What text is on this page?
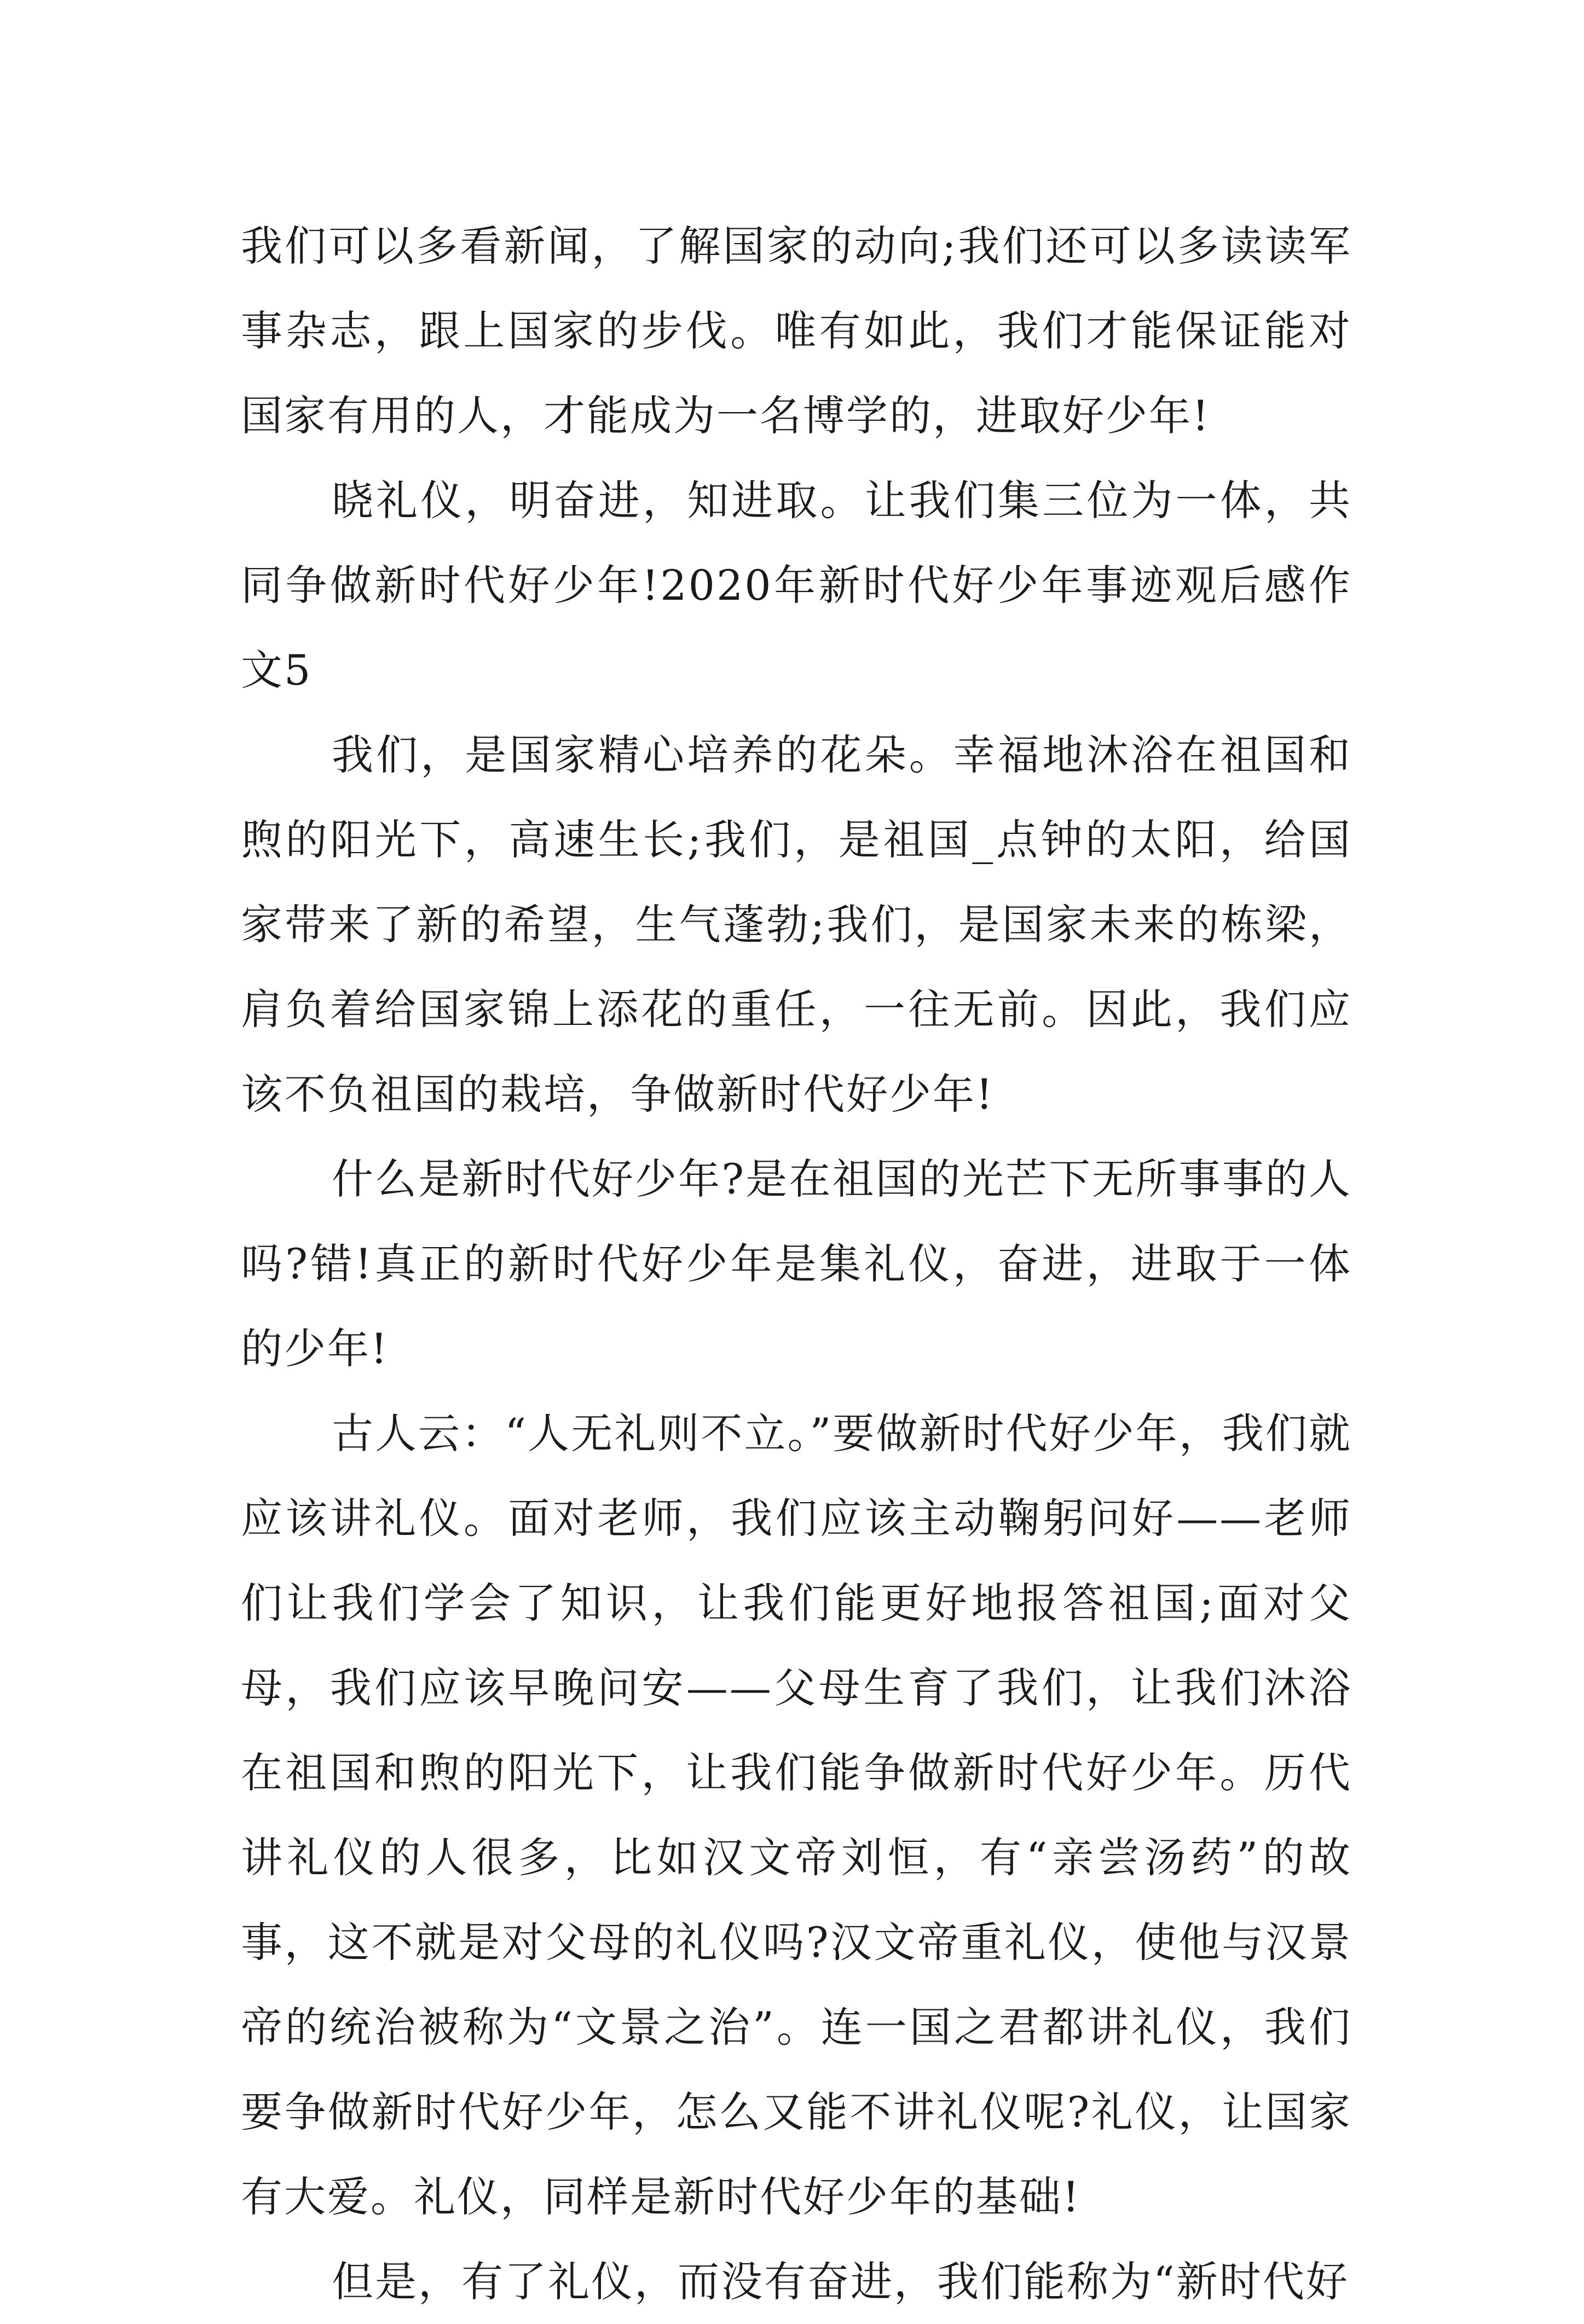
我们可以多看新闻，了解国家的动向;我们还可以多读读军事杂志，跟上国家的步伐。唯有如此，我们才能保证能对国家有用的人，才能成为一名博学的，进取好少年!

晓礼仪，明奋进，知进取。让我们集三位为一体，共同争做新时代好少年!2020年新时代好少年事迹观后感作文5

我们，是国家精心培养的花朵。幸福地沐浴在祖国和煦的阳光下，高速生长;我们，是祖国_点钟的太阳，给国家带来了新的希望，生气蓬勃;我们，是国家未来的栋梁，肩负着给国家锦上添花的重任，一往无前。因此，我们应该不负祖国的栽培，争做新时代好少年!

什么是新时代好少年?是在祖国的光芒下无所事事的人吗?错!真正的新时代好少年是集礼仪，奋进，进取于一体的少年!

古人云：“人无礼则不立。”要做新时代好少年，我们就应该讲礼仪。面对老师，我们应该主动鞠躬问好——老师们让我们学会了知识，让我们能更好地报答祖国;面对父母，我们应该早晚问安——父母生育了我们，让我们沐浴在祖国和煦的阳光下，让我们能争做新时代好少年。历代讲礼仪的人很多，比如汉文帝刘恒，有“亲尝汤药”的故事，这不就是对父母的礼仪吗?汉文帝重礼仪，使他与汉景帝的统治被称为“文景之治”。连一国之君都讲礼仪，我们要争做新时代好少年，怎么又能不讲礼仪呢?礼仪，让国家有大爱。礼仪，同样是新时代好少年的基础!

但是，有了礼仪，而没有奋进，我们能称为“新时代好
